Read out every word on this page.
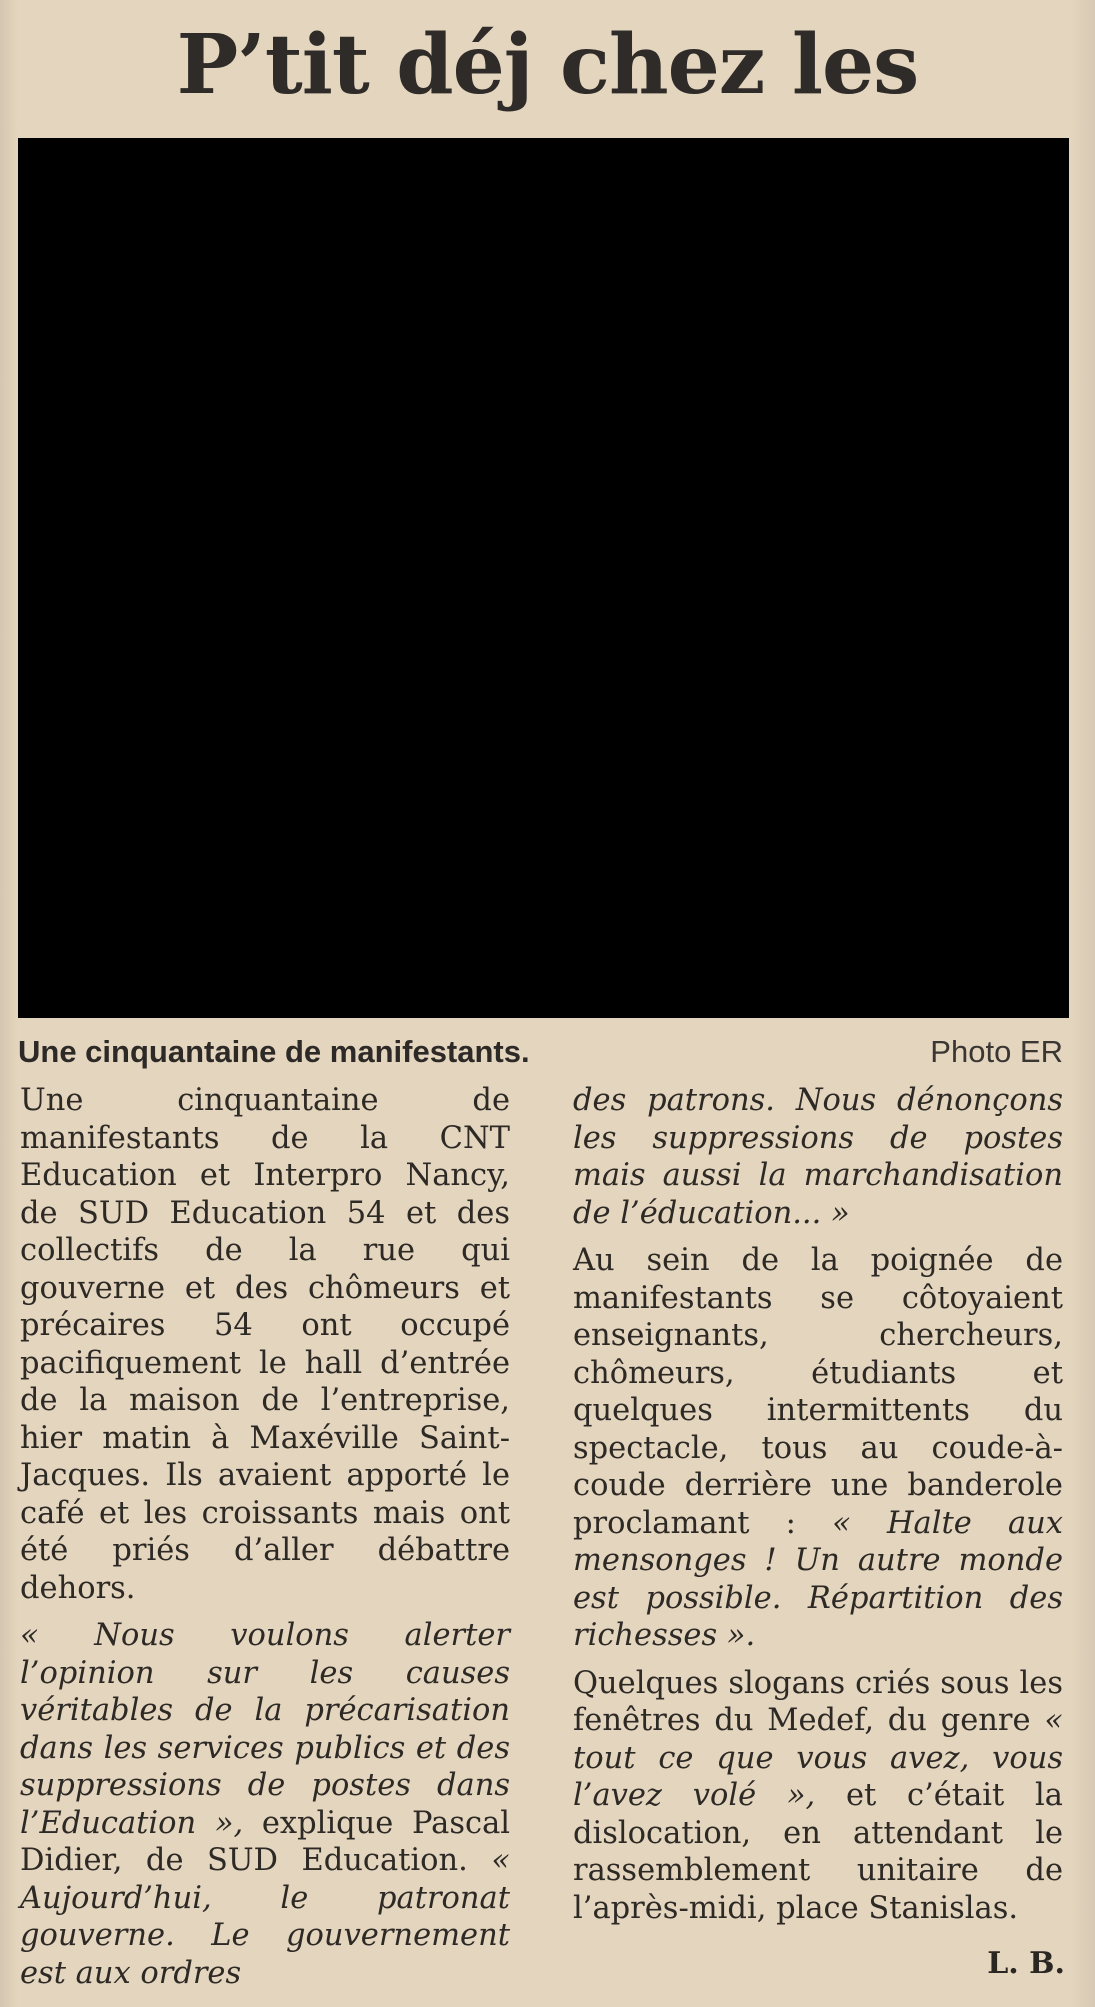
P’tit déj chez les
Une cinquantaine de manifestants.	Photo ER

Une cinquantaine de manifestants de la CNT Education et Interpro Nancy, de SUD Education 54 et des collectifs de la rue qui gouverne et des chômeurs et précaires 54 ont occupé pacifiquement le hall d’entrée de la maison de l’entreprise, hier matin à Maxéville Saint-Jacques. Ils avaient apporté le café et les croissants mais ont été priés d’aller débattre dehors.

« Nous voulons alerter l’opinion sur les causes véritables de la précarisation dans les services publics et des suppressions de postes dans l’Education », explique Pascal Didier, de SUD Education. « Aujourd’hui, le patronat gouverne. Le gouvernement est aux ordres

des patrons. Nous dénonçons les suppressions de postes mais aussi la marchandisation de l’éducation... »

Au sein de la poignée de manifestants se côtoyaient enseignants, chercheurs, chômeurs, étudiants et quelques intermittents du spectacle, tous au coude-à-coude derrière une banderole proclamant : « Halte aux mensonges ! Un autre monde est possible. Répartition des richesses ».

Quelques slogans criés sous les fenêtres du Medef, du genre « tout ce que vous avez, vous l’avez volé », et c’était la dislocation, en attendant le rassemblement unitaire de l’après-midi, place Stanislas.

L. B.
